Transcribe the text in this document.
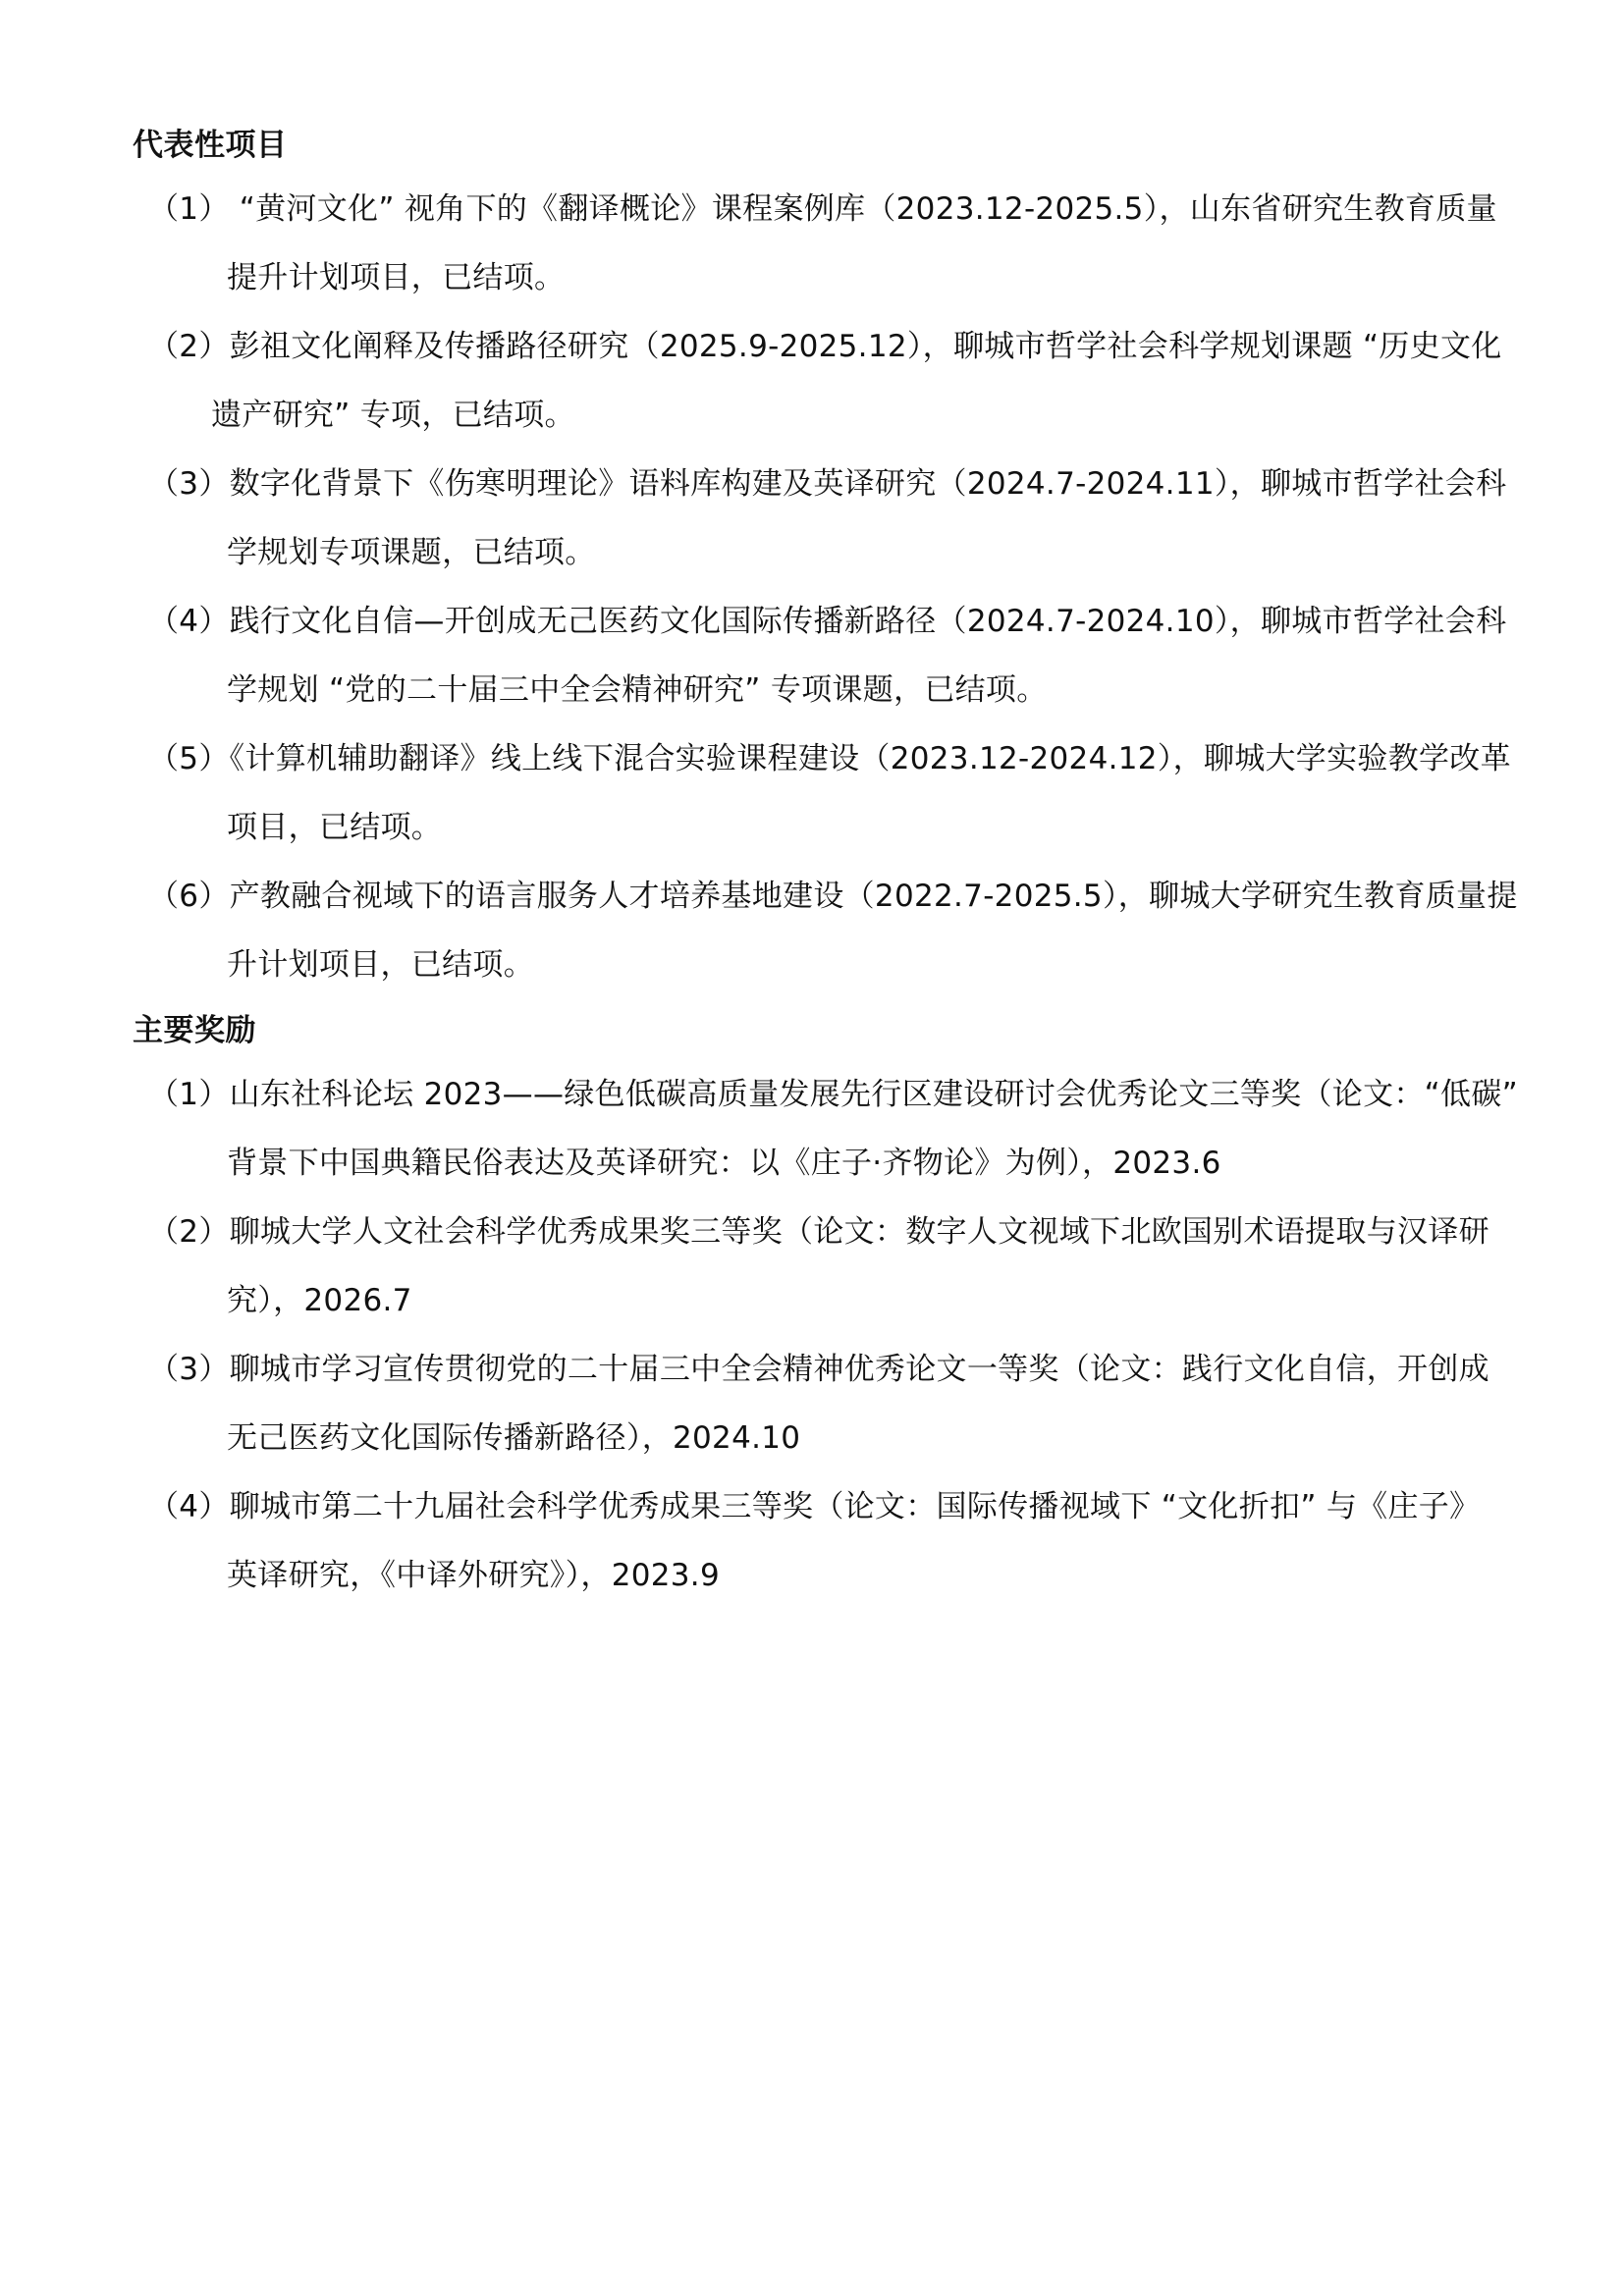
代表性项目
（1） “黄河文化” 视角下的《翻译概论》课程案例库（2023.12-2025.5），山东省研究生教育质量
提升计划项目，已结项。
（2）彭祖文化阐释及传播路径研究（2025.9-2025.12），聊城市哲学社会科学规划课题 “历史文化
遗产研究” 专项，已结项。
（3）数字化背景下《伤寒明理论》语料库构建及英译研究（2024.7-2024.11），聊城市哲学社会科
学规划专项课题，已结项。
（4）践行文化自信—开创成无己医药文化国际传播新路径（2024.7-2024.10），聊城市哲学社会科
学规划 “党的二十届三中全会精神研究” 专项课题，已结项。
（5）《计算机辅助翻译》线上线下混合实验课程建设（2023.12-2024.12），聊城大学实验教学改革
项目，已结项。
（6）产教融合视域下的语言服务人才培养基地建设（2022.7-2025.5），聊城大学研究生教育质量提
升计划项目，已结项。
主要奖励
（1）山东社科论坛 2023——绿色低碳高质量发展先行区建设研讨会优秀论文三等奖（论文：“低碳”
背景下中国典籍民俗表达及英译研究：以《庄子·齐物论》为例），2023.6
（2）聊城大学人文社会科学优秀成果奖三等奖（论文：数字人文视域下北欧国别术语提取与汉译研
究），2026.7
（3）聊城市学习宣传贯彻党的二十届三中全会精神优秀论文一等奖（论文：践行文化自信，开创成
无己医药文化国际传播新路径），2024.10
（4）聊城市第二十九届社会科学优秀成果三等奖（论文：国际传播视域下 “文化折扣” 与《庄子》
英译研究，《中译外研究》），2023.9
